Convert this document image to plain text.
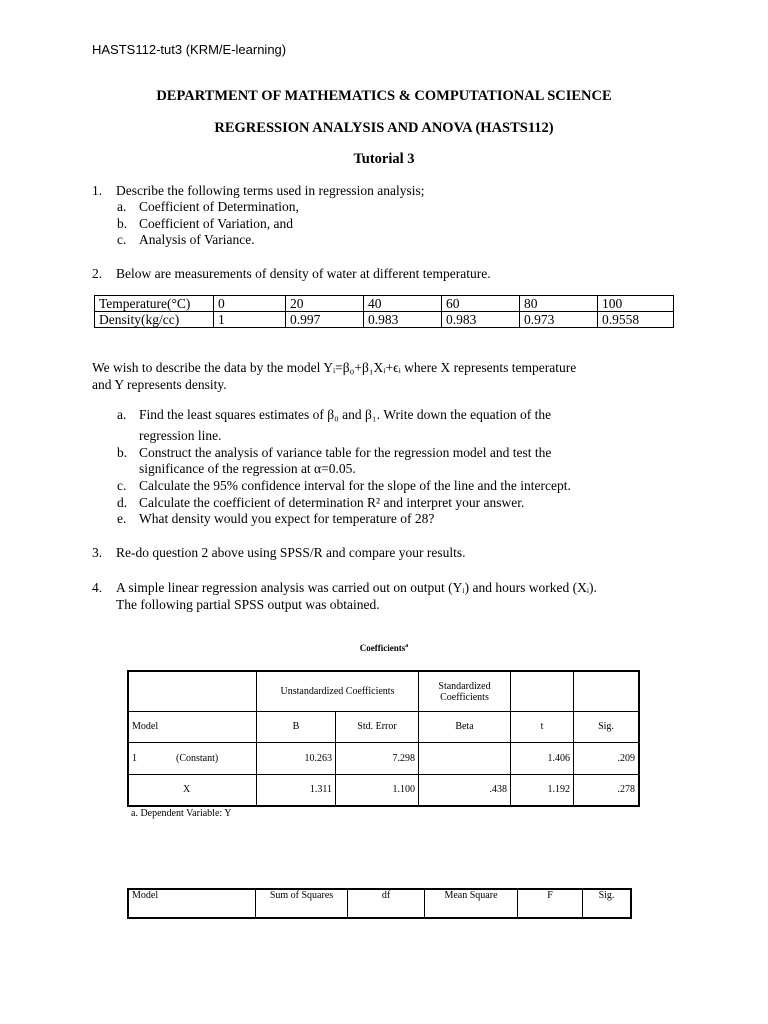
HASTS112-tut3 (KRM/E-learning)
DEPARTMENT OF MATHEMATICS & COMPUTATIONAL SCIENCE
REGRESSION ANALYSIS AND ANOVA (HASTS112)
Tutorial 3
1. Describe the following terms used in regression analysis;
a. Coefficient of Determination,
b. Coefficient of Variation, and
c. Analysis of Variance.
2. Below are measurements of density of water at different temperature.
Temperature(°C)	0	20	40	60	80	100
Density(kg/cc)	1	0.997	0.983	0.983	0.973	0.9558
We wish to describe the data by the model Yᵢ=β₀+β₁Xᵢ+ϵᵢ where X represents temperature
and Y represents density.
a. Find the least squares estimates of β₀ and β₁. Write down the equation of the
regression line.
b. Construct the analysis of variance table for the regression model and test the
significance of the regression at α=0.05.
c. Calculate the 95% confidence interval for the slope of the line and the intercept.
d. Calculate the coefficient of determination R² and interpret your answer.
e. What density would you expect for temperature of 28?
3. Re-do question 2 above using SPSS/R and compare your results.
4. A simple linear regression analysis was carried out on output (Yᵢ) and hours worked (Xᵢ).
The following partial SPSS output was obtained.
Coefficients$^a$
		Unstandardized Coefficients		Standardized Coefficients		
Model		B	Std. Error	Beta	t	Sig.
1	(Constant)	10.263	7.298		1.406	.209
	X	1.311	1.100	.438	1.192	.278
a. Dependent Variable: Y
Model	Sum of Squares	df	Mean Square	F	Sig.
